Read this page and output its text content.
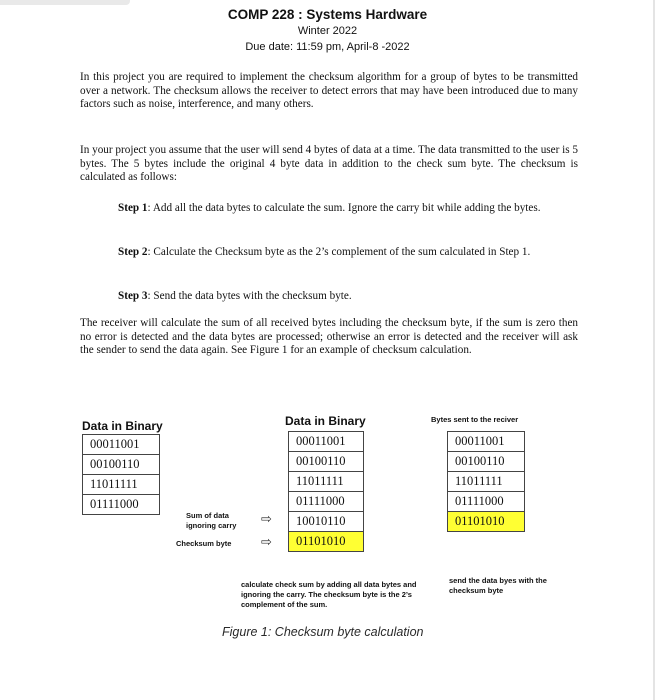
COMP 228 : Systems Hardware
Winter 2022
Due date: 11:59 pm, April-8 -2022

In this project you are required to implement the checksum algorithm for a group of bytes to be transmitted over a network. The checksum allows the receiver to detect errors that may have been introduced due to many factors such as noise, interference, and many others.

In your project you assume that the user will send 4 bytes of data at a time. The data transmitted to the user is 5 bytes. The 5 bytes include the original 4 byte data in addition to the check sum byte. The checksum is calculated as follows:

Step 1: Add all the data bytes to calculate the sum. Ignore the carry bit while adding the bytes.

Step 2: Calculate the Checksum byte as the 2’s complement of the sum calculated in Step 1.

Step 3: Send the data bytes with the checksum byte.

The receiver will calculate the sum of all received bytes including the checksum byte, if the sum is zero then no error is detected and the data bytes are processed; otherwise an error is detected and the receiver will ask the sender to send the data again. See Figure 1 for an example of checksum calculation.

Data in Binary
00011001
00100110
11011111
01111000
Data in Binary
00011001
00100110
11011111
01111000
10010110
01101010
Sum of data ignoring carry
Checksum byte
⇨
⇨
Bytes sent to the reciver
00011001
00100110
11011111
01111000
01101010
calculate check sum by adding all data bytes and ignoring the carry. The checksum byte is the 2’s complement of the sum.
send the data byes with the checksum byte
Figure 1: Checksum byte calculation
